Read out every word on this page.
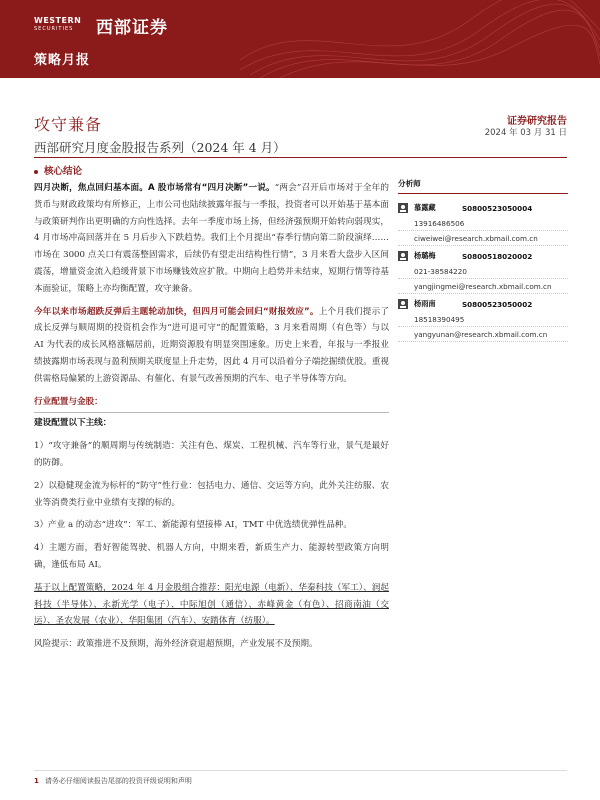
WESTERN
SECURITIES	西部证券
策略月报
攻守兼备
西部研究月度金股报告系列（2024 年 4 月）
证券研究报告
2024 年 03 月 31 日
核心结论

四月决断，焦点回归基本面。A 股市场常有“四月决断”一说。“两会”召开后市场对于全年的货币与财政政策均有所修正，上市公司也陆续披露年报与一季报，投资者可以开始基于基本面与政策研判作出更明确的方向性选择。去年一季度市场上扬，但经济强预期开始转向弱现实，4 月市场冲高回落并在 5 月后步入下跌趋势。我们上个月提出“春季行情向第二阶段演绎……市场在 3000 点关口有震荡整固需求，后续仍有望走出结构性行情”，3 月来看大盘步入区间震荡，增量资金流入趋缓背景下市场赚钱效应扩散。中期向上趋势并未结束，短期行情等待基本面验证，策略上亦均衡配置，攻守兼备。

今年以来市场超跌反弹后主题轮动加快，但四月可能会回归“财报效应”。上个月我们提示了成长反弹与顺周期的投资机会作为“进可退可守”的配置策略，3 月来看周期（有色等）与以 AI 为代表的成长风格涨幅居前，近期资源股有明显突围速象。历史上来看，年报与一季报业绩披露期市场表现与盈利预期关联度显上升走势，因此 4 月可以沿着分子端挖掘绩优股。重视供需格局偏紧的上游资源品、有催化、有景气改善预期的汽车、电子半导体等方向。

行业配置与金股：

建设配置以下主线：

1）“攻守兼备”的顺周期与传统制造：关注有色、煤炭、工程机械、汽车等行业，景气是最好的防御。

2）以稳健现金流为标杆的“防守”性行业：包括电力、通信、交运等方向，此外关注纺服、农业等消费类行业中业绩有支撑的标的。

3）产业 a 的动态“进攻”：军工、新能源有望接棒 AI，TMT 中优选绩优弹性品种。

4）主题方面，看好智能驾驶、机器人方向，中期来看，新质生产力、能源转型政策方向明确，逢低布局 AI。

基于以上配置策略，2024 年 4 月金股组合推荐：阳光电源（电新）、华秦科技（军工）、润起科技（半导体）、永新光学（电子）、中际旭创（通信）、赤峰黄金（有色）、招商南油（交运）、圣农发展（农业）、华阳集团（汽车）、安踏体育（纺服）。

风险提示：政策推进不及预期，海外经济衰退超预期，产业发展不及预期。

分析师
慕露藏	S0800523050004
13916486506
ciweiwei@research.xbmail.com.cn
杨璐梅	S0800518020002
021-38584220
yangjingmei@research.xbmail.com.cn
杨雨南	S0800523050002
18518390495
yangyunan@research.xbmail.com.cn
1 请务必仔细阅读报告尾部的投资评级说明和声明
